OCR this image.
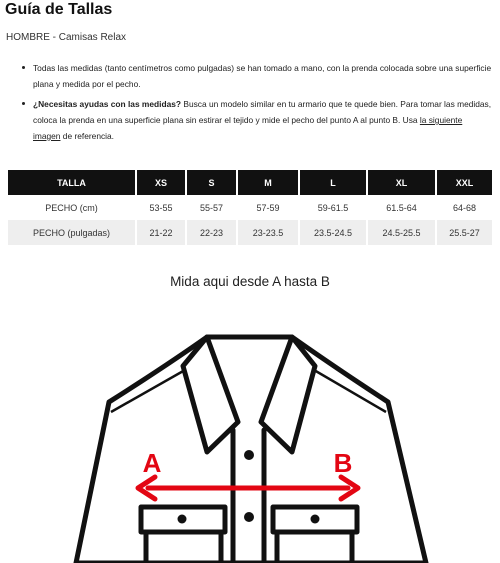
Guía de Tallas
HOMBRE - Camisas Relax
Todas las medidas (tanto centímetros como pulgadas) se han tomado a mano, con la prenda colocada sobre una superficie plana y medida por el pecho.
¿Necesitas ayudas con las medidas? Busca un modelo similar en tu armario que te quede bien. Para tomar las medidas, coloca la prenda en una superficie plana sin estirar el tejido y mide el pecho del punto A al punto B. Usa la siguiente imagen de referencia.
TALLA	XS	S	M	L	XL	XXL
PECHO (cm)	53-55	55-57	57-59	59-61.5	61.5-64	64-68
PECHO (pulgadas)	21-22	22-23	23-23.5	23.5-24.5	24.5-25.5	25.5-27
Mida aqui desde A hasta B
A	B
